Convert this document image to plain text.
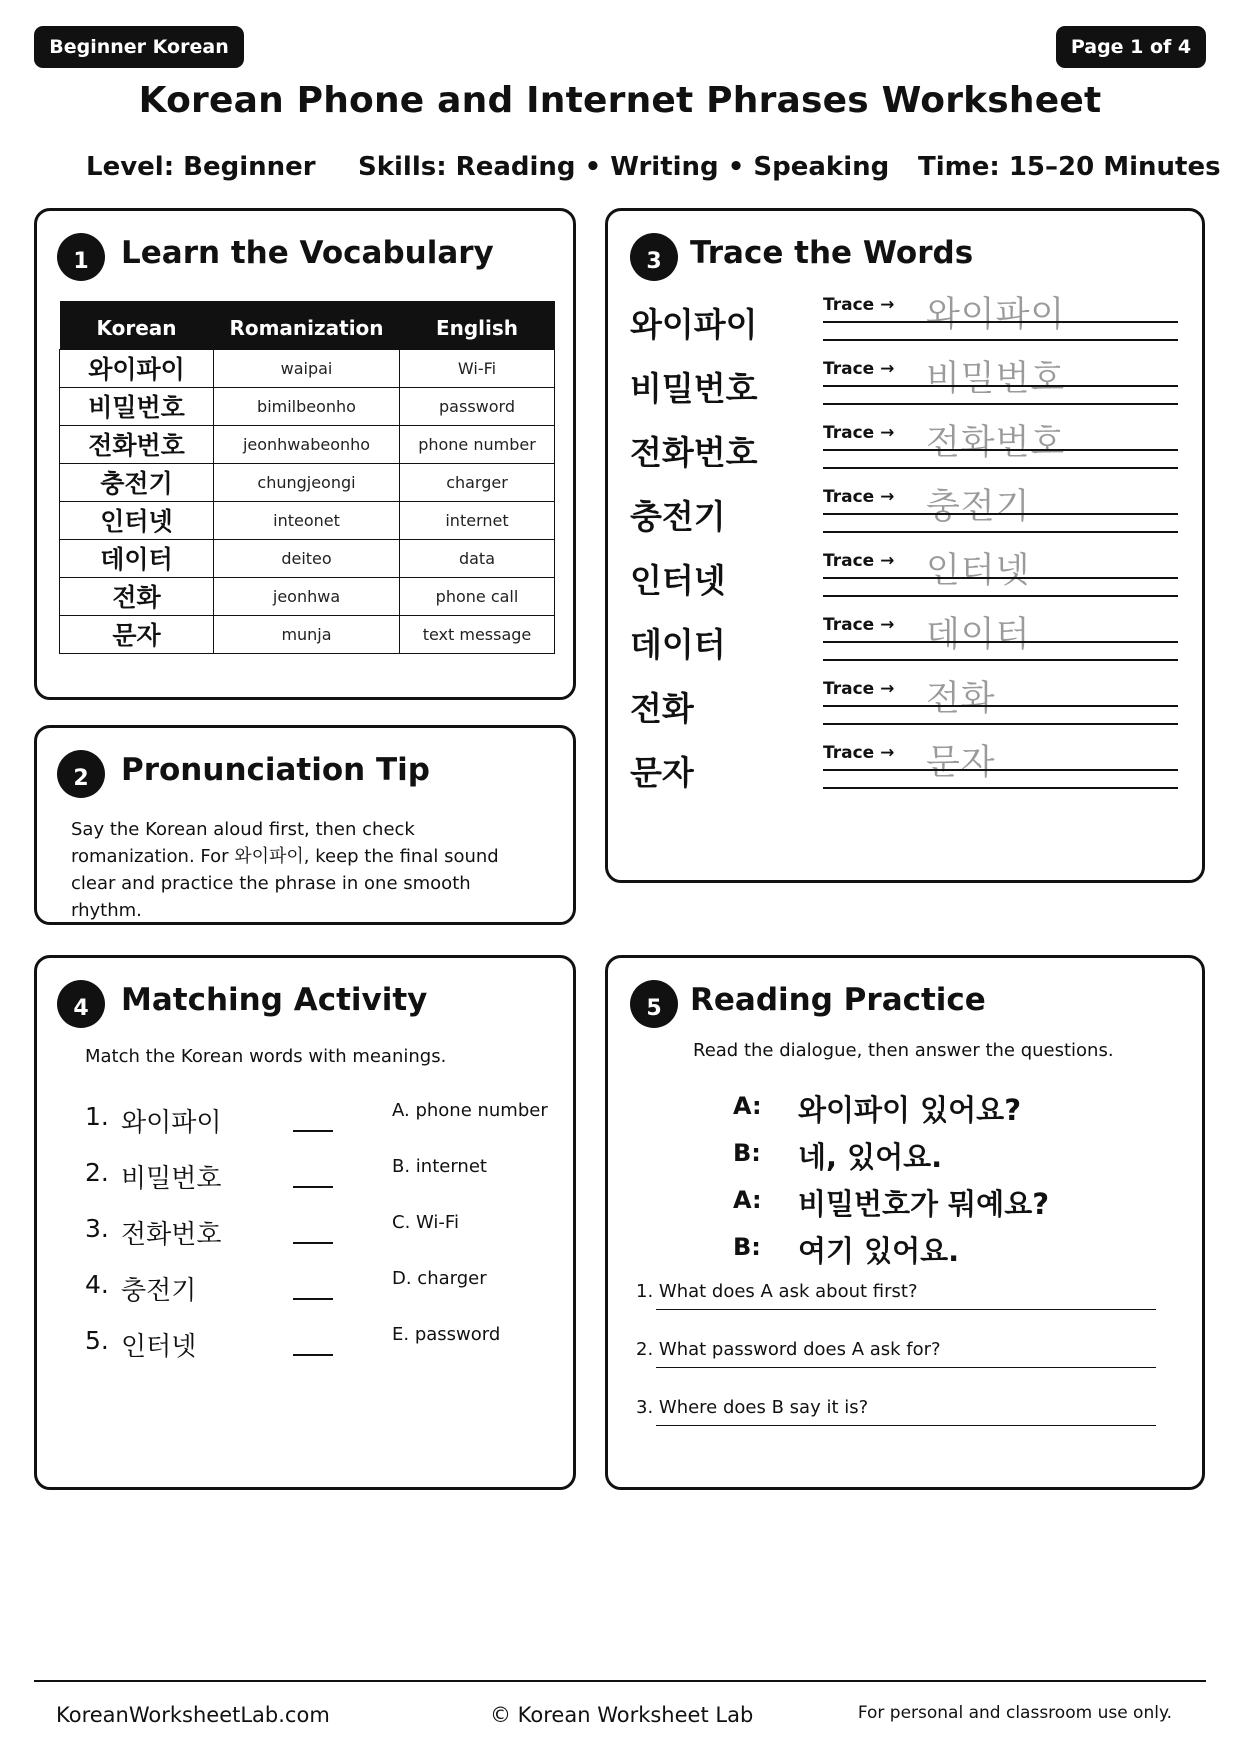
Beginner Korean	Page 1 of 4
Korean Phone and Internet Phrases Worksheet
Level: Beginner Skills: Reading • Writing • Speaking Time: 15–20 Minutes
1	Learn the Vocabulary
Korean	Romanization	English
와이파이	waipai	Wi-Fi
비밀번호	bimilbeonho	password
전화번호	jeonhwabeonho	phone number
충전기	chungjeongi	charger
인터넷	inteonet	internet
데이터	deiteo	data
전화	jeonhwa	phone call
문자	munja	text message
2	Pronunciation Tip
Say the Korean aloud first, then check romanization. For 와이파이, keep the final sound clear and practice the phrase in one smooth rhythm.
3 Trace the Words
와이파이	Trace → 와이파이
비밀번호	Trace → 비밀번호
전화번호	Trace → 전화번호
충전기	Trace → 충전기
인터넷	Trace → 인터넷
데이터	Trace → 데이터
전화	Trace → 전화
문자	Trace → 문자
4	Matching Activity
Match the Korean words with meanings.
1. 와이파이	A. phone number
2. 비밀번호	B. internet
3. 전화번호	C. Wi-Fi
4. 충전기	D. charger
5. 인터넷	E. password
5 Reading Practice
Read the dialogue, then answer the questions.
A: 와이파이 있어요?
B: 네, 있어요.
A: 비밀번호가 뭐예요?
B: 여기 있어요.
1. What does A ask about first?
2. What password does A ask for?
3. Where does B say it is?
KoreanWorksheetLab.com	© Korean Worksheet Lab	For personal and classroom use only.
